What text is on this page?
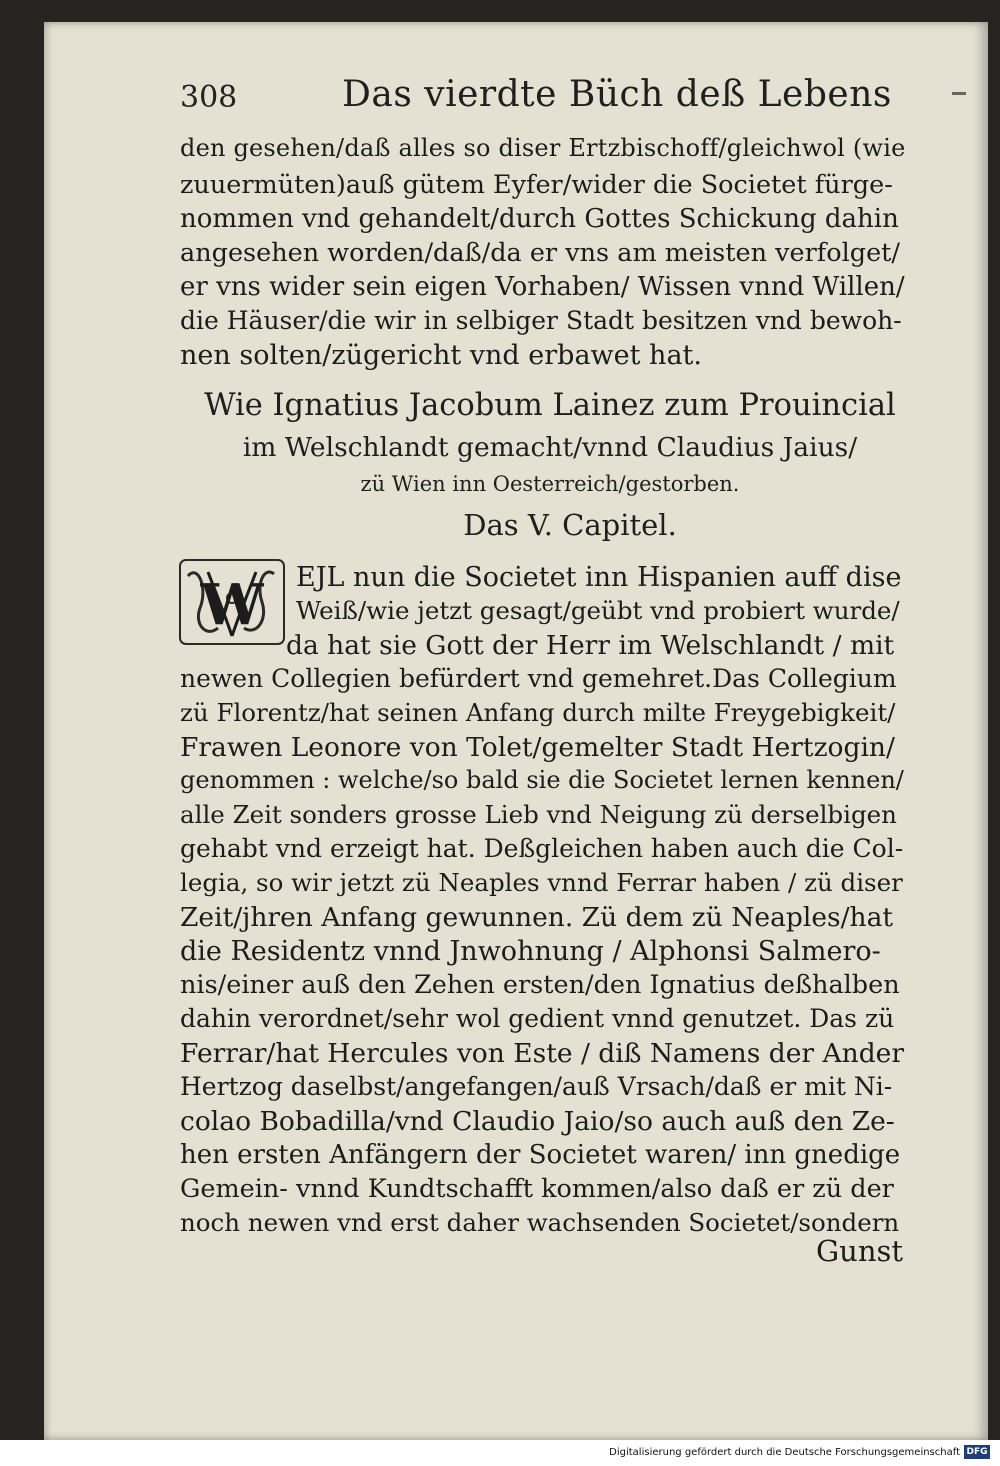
308	Das vierdte Büch deß Lebens
den gesehen/daß alles so diser Ertzbischoff/gleichwol (wie
zuuermüten)auß gütem Eyfer/wider die Societet fürge-
nommen vnd gehandelt/durch Gottes Schickung dahin
angesehen worden/daß/da er vns am meisten verfolget/
er vns wider sein eigen Vorhaben/ Wissen vnnd Willen/
die Häuser/die wir in selbiger Stadt besitzen vnd bewoh-
nen solten/zügericht vnd erbawet hat.
Wie Ignatius Jacobum Lainez zum Prouincial
im Welschlandt gemacht/vnnd Claudius Jaius/
zü Wien inn Oesterreich/gestorben.
Das V. Capitel.
W EJL nun die Societet inn Hispanien auff dise
Weiß/wie jetzt gesagt/geübt vnd probiert wurde/
da hat sie Gott der Herr im Welschlandt / mit
newen Collegien befürdert vnd gemehret.Das Collegium
zü Florentz/hat seinen Anfang durch milte Freygebigkeit/
Frawen Leonore von Tolet/gemelter Stadt Hertzogin/
genommen : welche/so bald sie die Societet lernen kennen/
alle Zeit sonders grosse Lieb vnd Neigung zü derselbigen
gehabt vnd erzeigt hat. Deßgleichen haben auch die Col-
legia, so wir jetzt zü Neaples vnnd Ferrar haben / zü diser
Zeit/jhren Anfang gewunnen. Zü dem zü Neaples/hat
die Residentz vnnd Jnwohnung / Alphonsi Salmero-
nis/einer auß den Zehen ersten/den Ignatius deßhalben
dahin verordnet/sehr wol gedient vnnd genutzet. Das zü
Ferrar/hat Hercules von Este / diß Namens der Ander
Hertzog daselbst/angefangen/auß Vrsach/daß er mit Ni-
colao Bobadilla/vnd Claudio Jaio/so auch auß den Ze-
hen ersten Anfängern der Societet waren/ inn gnedige
Gemein- vnnd Kundtschafft kommen/also daß er zü der
noch newen vnd erst daher wachsenden Societet/sondern
Gunst
Digitalisierung gefördert durch die Deutsche Forschungsgemeinschaft DFG
